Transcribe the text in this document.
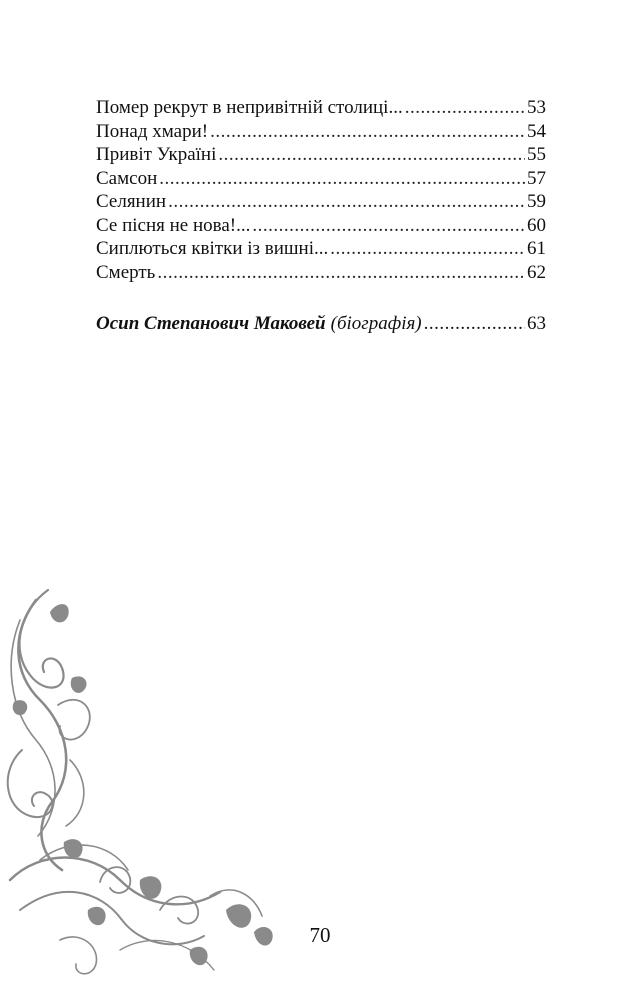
Помер рекрут в непривітній столиці... .....	53
Понад хмари! .....	54
Привіт Україні .....	55
Самсон .....	57
Селянин .....	59
Се пісня не нова!... .....	60
Сиплються квітки із вишні... .....	61
Смерть .....	62
Осип Степанович Маковей (біографія) .....	63
70
